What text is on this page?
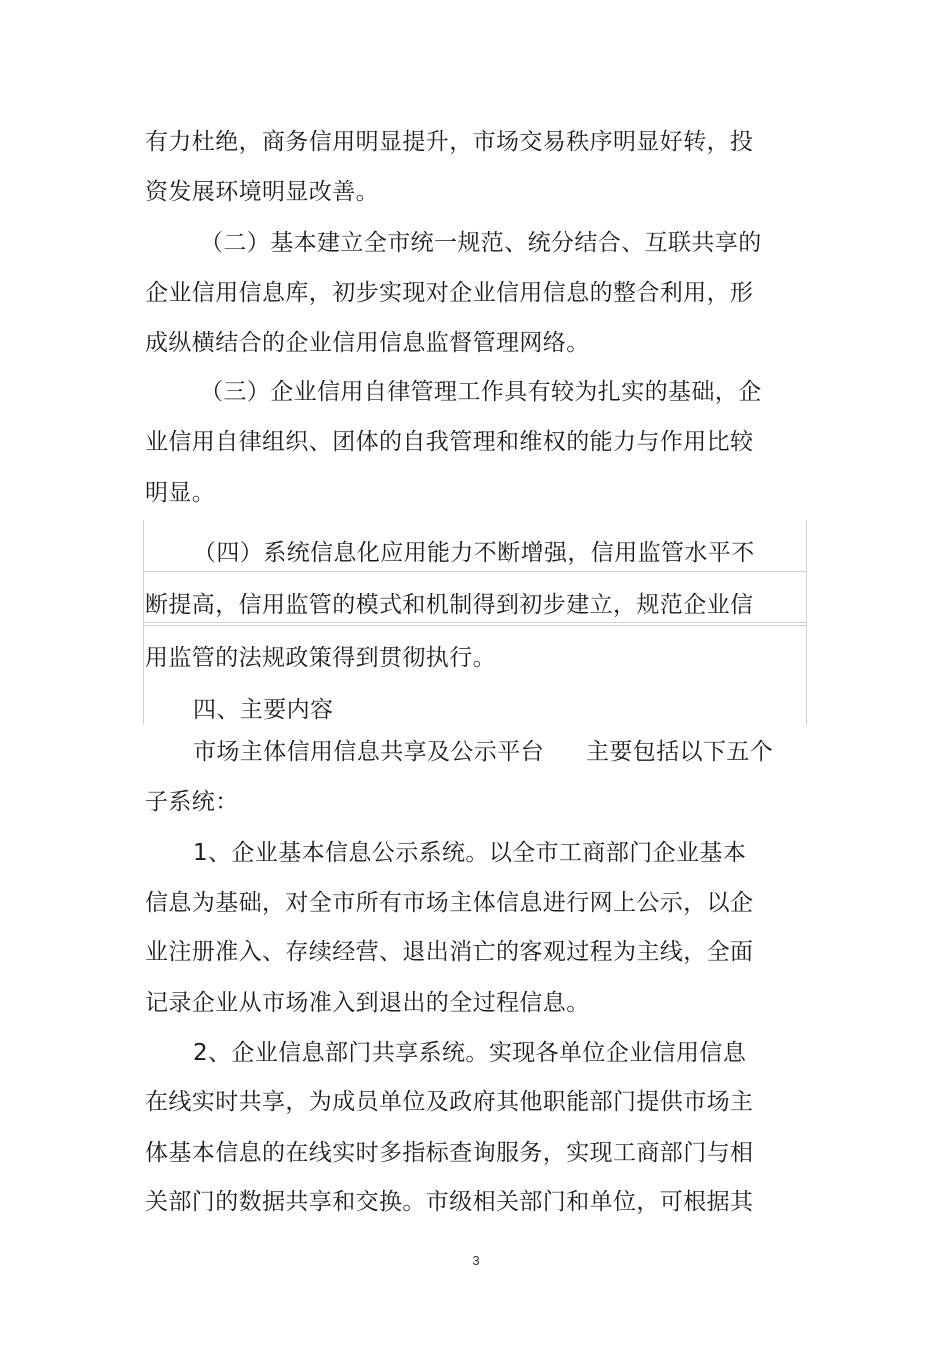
有力杜绝，商务信用明显提升，市场交易秩序明显好转，投
资发展环境明显改善。
（二）基本建立全市统一规范、统分结合、互联共享的
企业信用信息库，初步实现对企业信用信息的整合利用，形
成纵横结合的企业信用信息监督管理网络。
（三）企业信用自律管理工作具有较为扎实的基础，企
业信用自律组织、团体的自我管理和维权的能力与作用比较
明显。
（四）系统信息化应用能力不断增强，信用监管水平不
断提高，信用监管的模式和机制得到初步建立，规范企业信
用监管的法规政策得到贯彻执行。
四、主要内容
市场主体信用信息共享及公示平台 主要包括以下五个
子系统：
1、企业基本信息公示系统。以全市工商部门企业基本
信息为基础，对全市所有市场主体信息进行网上公示，以企
业注册准入、存续经营、退出消亡的客观过程为主线，全面
记录企业从市场准入到退出的全过程信息。
2、企业信息部门共享系统。实现各单位企业信用信息
在线实时共享，为成员单位及政府其他职能部门提供市场主
体基本信息的在线实时多指标查询服务，实现工商部门与相
关部门的数据共享和交换。市级相关部门和单位，可根据其
3
